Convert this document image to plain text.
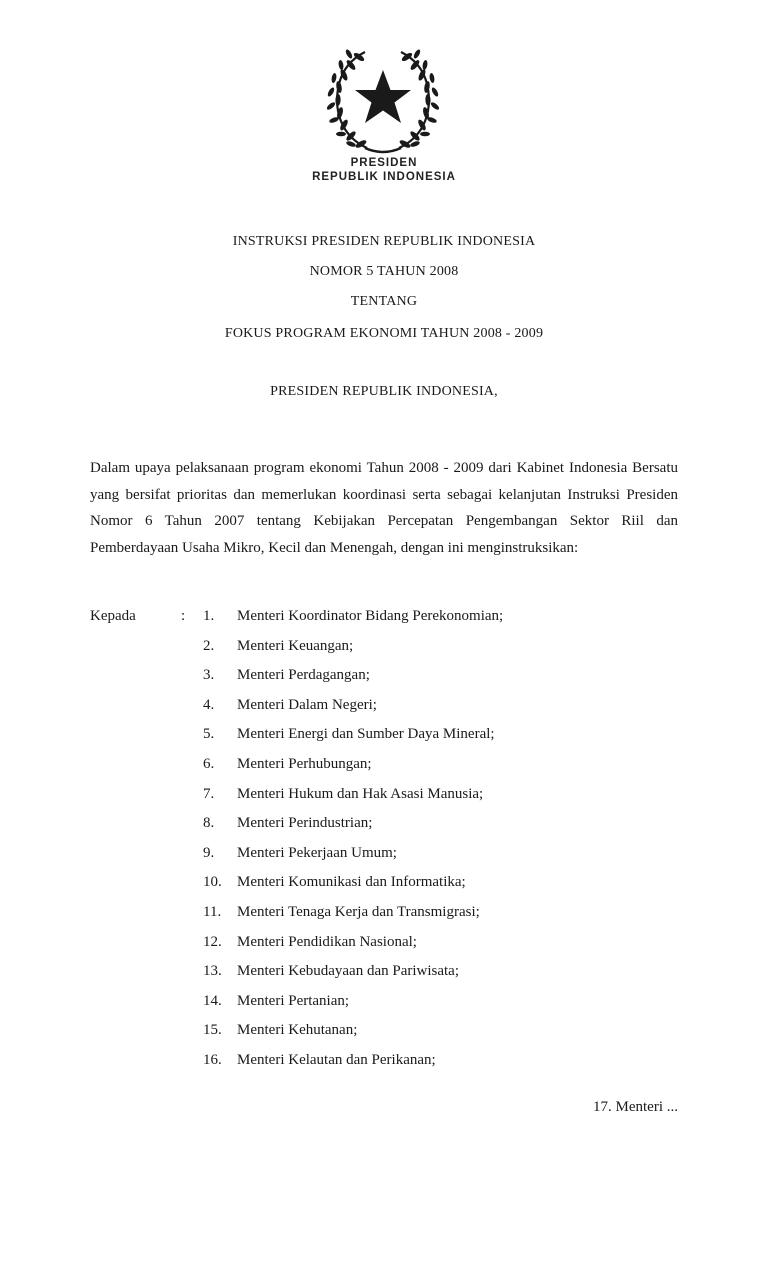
PRESIDEN
REPUBLIK INDONESIA
INSTRUKSI PRESIDEN REPUBLIK INDONESIA
NOMOR 5 TAHUN 2008
TENTANG
FOKUS PROGRAM EKONOMI TAHUN 2008 - 2009
PRESIDEN REPUBLIK INDONESIA,
Dalam upaya pelaksanaan program ekonomi Tahun 2008 - 2009 dari Kabinet Indonesia Bersatu yang bersifat prioritas dan memerlukan koordinasi serta sebagai kelanjutan Instruksi Presiden Nomor 6 Tahun 2007 tentang Kebijakan Percepatan Pengembangan Sektor Riil dan Pemberdayaan Usaha Mikro, Kecil dan Menengah, dengan ini menginstruksikan:
Kepada	: 1. Menteri Koordinator Bidang Perekonomian;
2. Menteri Keuangan;
3. Menteri Perdagangan;
4. Menteri Dalam Negeri;
5. Menteri Energi dan Sumber Daya Mineral;
6. Menteri Perhubungan;
7. Menteri Hukum dan Hak Asasi Manusia;
8. Menteri Perindustrian;
9. Menteri Pekerjaan Umum;
10. Menteri Komunikasi dan Informatika;
11. Menteri Tenaga Kerja dan Transmigrasi;
12. Menteri Pendidikan Nasional;
13. Menteri Kebudayaan dan Pariwisata;
14. Menteri Pertanian;
15. Menteri Kehutanan;
16. Menteri Kelautan dan Perikanan;
17. Menteri ...
